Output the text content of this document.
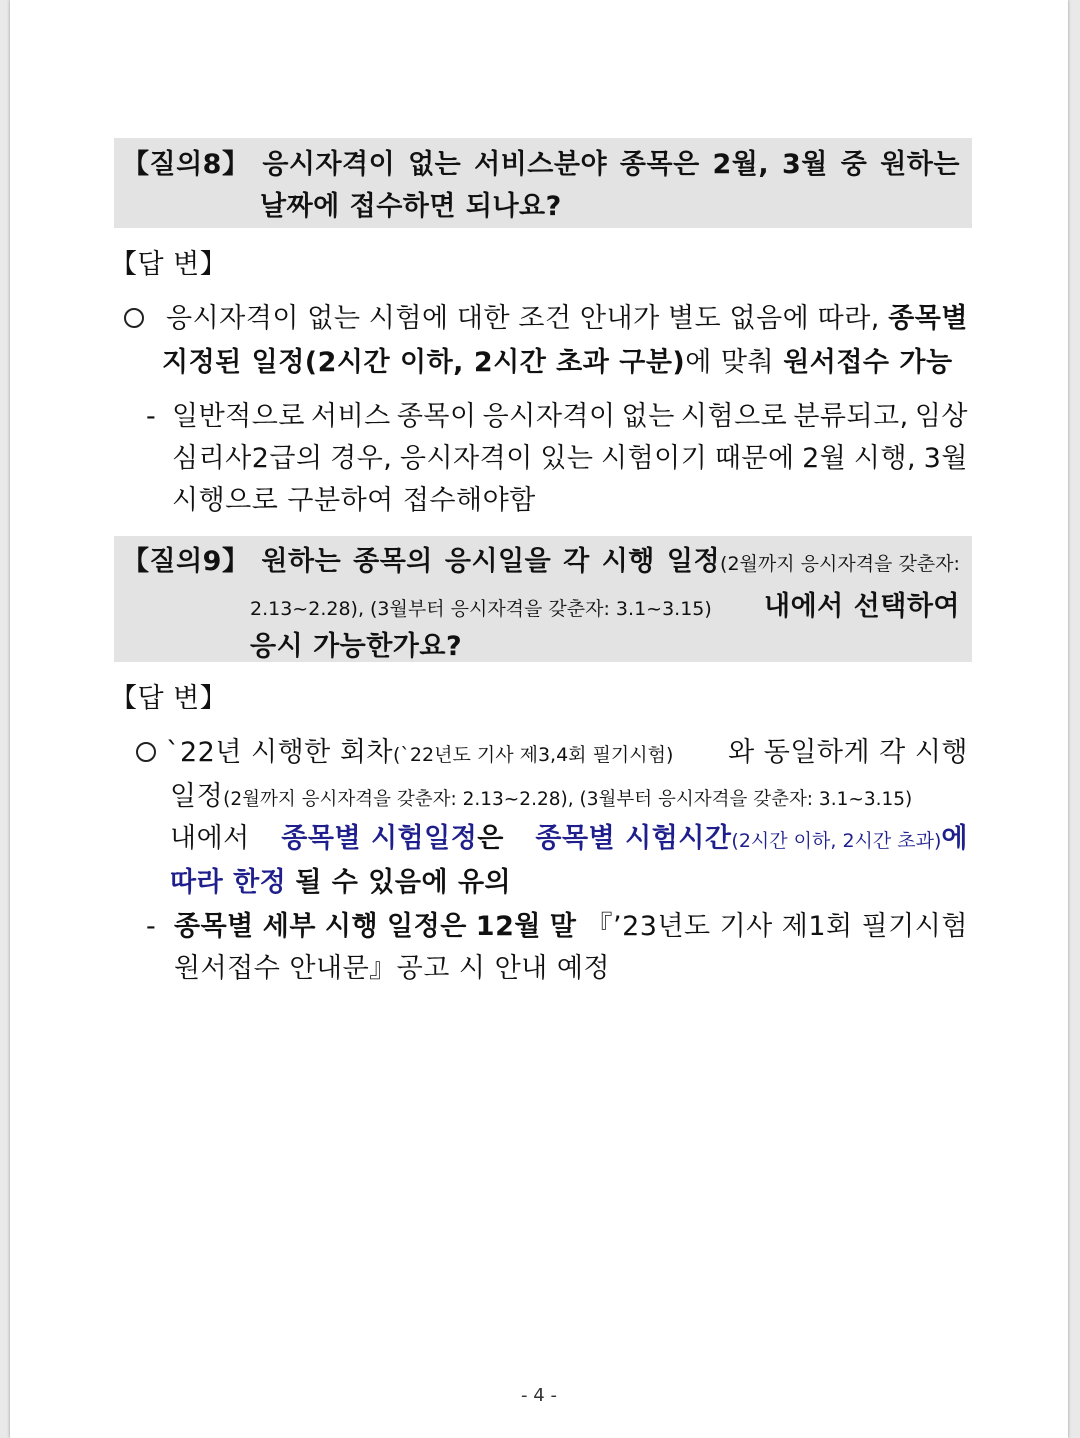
【질의8】 응시자격이 없는 서비스분야 종목은 2월, 3월 중 원하는
날짜에 접수하면 되나요?
【답 변】
응시자격이 없는 시험에 대한 조건 안내가 별도 없음에 따라, 종목별
지정된 일정(2시간 이하, 2시간 초과 구분)에 맞춰 원서접수 가능
- 일반적으로 서비스 종목이 응시자격이 없는 시험으로 분류되고, 임상
심리사2급의 경우, 응시자격이 있는 시험이기 때문에 2월 시행, 3월
시행으로 구분하여 접수해야함
【질의9】 원하는 종목의 응시일을 각 시행 일정(2월까지 응시자격을 갖춘자:
2.13~2.28), (3월부터 응시자격을 갖춘자: 3.1~3.15) 내에서 선택하여
응시 가능한가요?
【답 변】
`22년 시행한 회차(`22년도 기사 제3,4회 필기시험) 와 동일하게 각 시행
일정 (2월까지 응시자격을 갖춘자: 2.13~2.28), (3월부터 응시자격을 갖춘자: 3.1~3.15)
내에서 종목별 시험일정은 종목별 시험시간(2시간 이하, 2시간 초과)에
따라 한정 될 수 있음에 유의
- 종목별 세부 시행 일정은 12월 말 『’23년도 기사 제1회 필기시험
원서접수 안내문』공고 시 안내 예정
- 4 -
